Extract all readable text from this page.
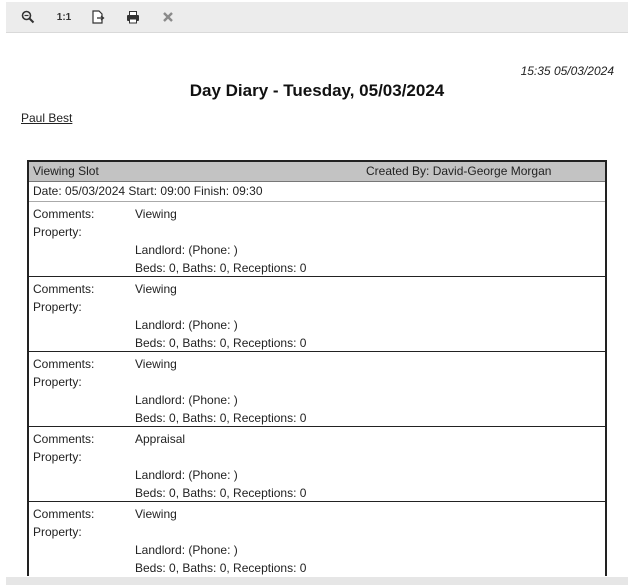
1:1
15:35 05/03/2024
Day Diary - Tuesday, 05/03/2024
Paul Best
Viewing Slot	Created By: David-George Morgan
Date: 05/03/2024 Start: 09:00 Finish: 09:30
Comments:	Viewing
Property:
Landlord: (Phone: )
Beds: 0, Baths: 0, Receptions: 0
Comments:	Viewing
Property:
Landlord: (Phone: )
Beds: 0, Baths: 0, Receptions: 0
Comments:	Viewing
Property:
Landlord: (Phone: )
Beds: 0, Baths: 0, Receptions: 0
Comments:	Appraisal
Property:
Landlord: (Phone: )
Beds: 0, Baths: 0, Receptions: 0
Comments:	Viewing
Property:
Landlord: (Phone: )
Beds: 0, Baths: 0, Receptions: 0
